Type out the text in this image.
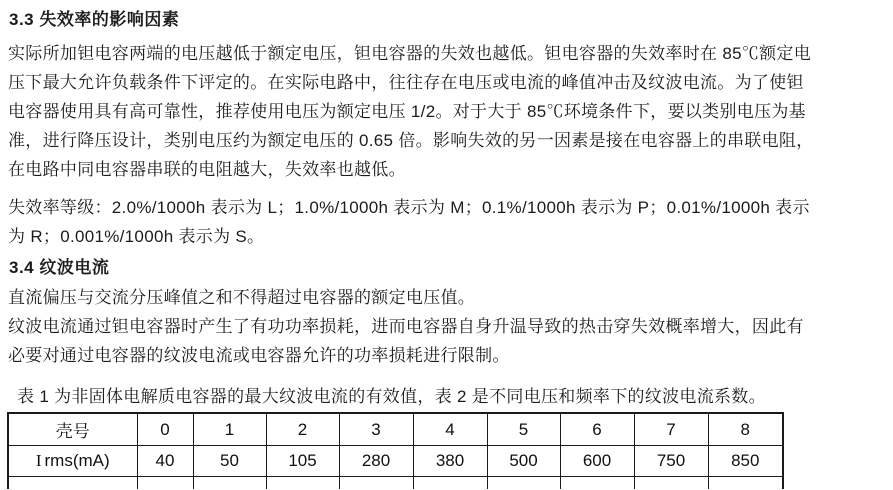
3.3 失效率的影响因素
实际所加钽电容两端的电压越低于额定电压，钽电容器的失效也越低。钽电容器的失效率时在 85℃额定电
压下最大允许负载条件下评定的。在实际电路中，往往存在电压或电流的峰值冲击及纹波电流。为了使钽
电容器使用具有高可靠性，推荐使用电压为额定电压 1/2。对于大于 85℃环境条件下，要以类别电压为基
准，进行降压设计，类别电压约为额定电压的 0.65 倍。影响失效的另一因素是接在电容器上的串联电阻，
在电路中同电容器串联的电阻越大，失效率也越低。
失效率等级：2.0%/1000h 表示为 L；1.0%/1000h 表示为 M；0.1%/1000h 表示为 P；0.01%/1000h 表示
为 R；0.001%/1000h 表示为 S。
3.4 纹波电流
直流偏压与交流分压峰值之和不得超过电容器的额定电压值。
纹波电流通过钽电容器时产生了有功功率损耗，进而电容器自身升温导致的热击穿失效概率增大，因此有
必要对通过电容器的纹波电流或电容器允许的功率损耗进行限制。
表 1 为非固体电解质电容器的最大纹波电流的有效值，表 2 是不同电压和频率下的纹波电流系数。
壳号	0	1	2	3	4	5	6	7	8
I rms(mA)	40	50	105	280	380	500	600	750	850
